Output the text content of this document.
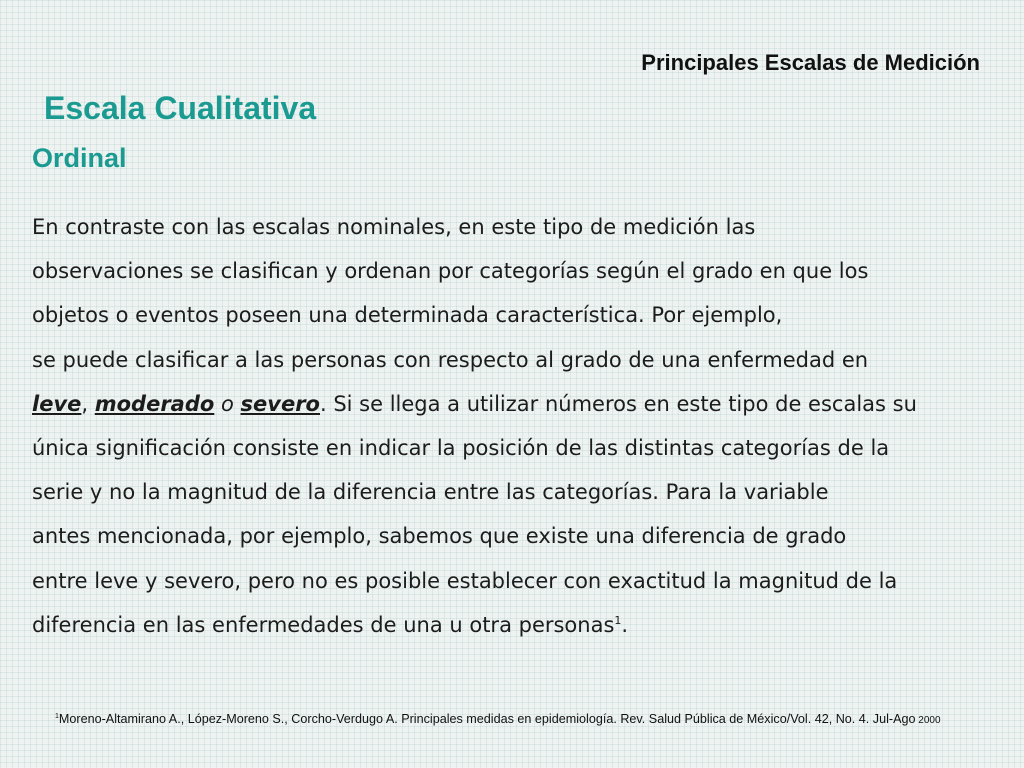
Principales Escalas de Medición
Escala Cualitativa
Ordinal
En contraste con las escalas nominales, en este tipo de medición las
observaciones se clasifican y ordenan por categorías según el grado en que los
objetos o eventos poseen una determinada característica. Por ejemplo,
se puede clasificar a las personas con respecto al grado de una enfermedad en
leve, moderado o severo. Si se llega a utilizar números en este tipo de escalas su
única significación consiste en indicar la posición de las distintas categorías de la
serie y no la magnitud de la diferencia entre las categorías. Para la variable
antes mencionada, por ejemplo, sabemos que existe una diferencia de grado
entre leve y severo, pero no es posible establecer con exactitud la magnitud de la
diferencia en las enfermedades de una u otra personas$^1$.

$^1$Moreno-Altamirano A., López-Moreno S., Corcho-Verdugo A. Principales medidas en epidemiología. Rev. Salud Pública de México/Vol. 42, No. 4. Jul-Ago 2000
